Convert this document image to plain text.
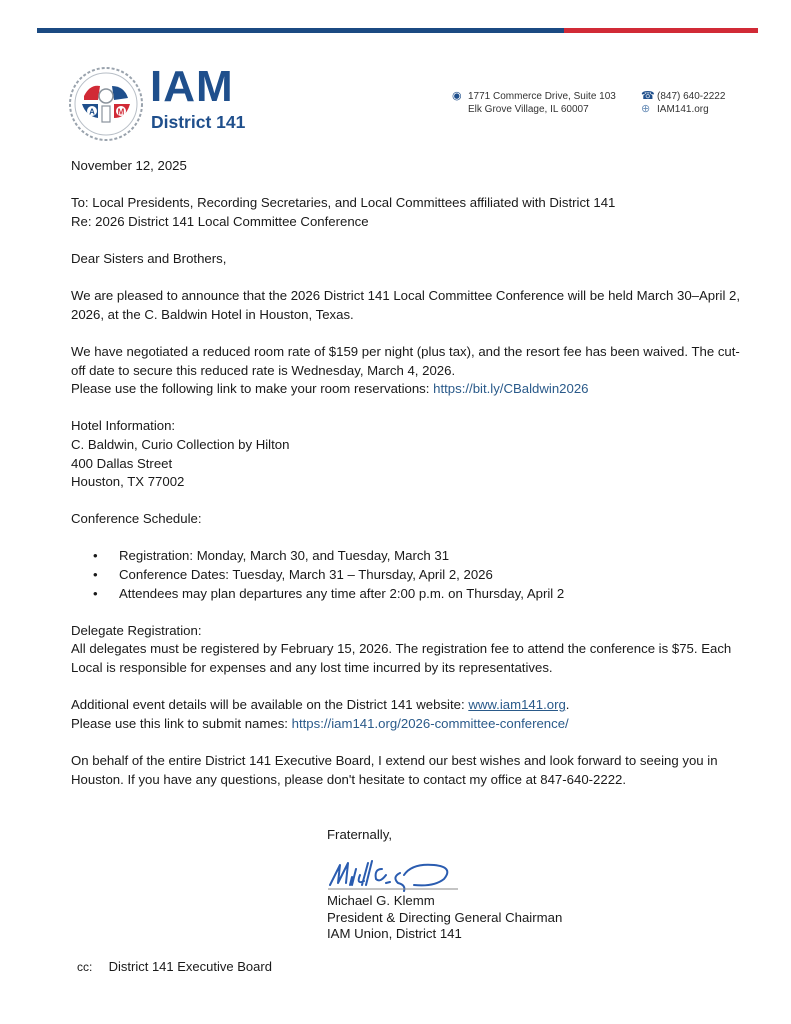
A	M
IAM
District 141
◉ 1771 Commerce Drive, Suite 103
Elk Grove Village, IL 60007
☎ (847) 640-2222
⊕ IAM141.org

November 12, 2025

To: Local Presidents, Recording Secretaries, and Local Committees affiliated with District 141

Re: 2026 District 141 Local Committee Conference

Dear Sisters and Brothers,

We are pleased to announce that the 2026 District 141 Local Committee Conference will be held March 30–April 2, 2026, at the C. Baldwin Hotel in Houston, Texas.

We have negotiated a reduced room rate of $159 per night (plus tax), and the resort fee has been waived. The cut-off date to secure this reduced rate is Wednesday, March 4, 2026.

Please use the following link to make your room reservations: https://bit.ly/CBaldwin2026

Hotel Information:

C. Baldwin, Curio Collection by Hilton

400 Dallas Street

Houston, TX 77002

Conference Schedule:

• Registration: Monday, March 30, and Tuesday, March 31
• Conference Dates: Tuesday, March 31 – Thursday, April 2, 2026
• Attendees may plan departures any time after 2:00 p.m. on Thursday, April 2

Delegate Registration:

All delegates must be registered by February 15, 2026. The registration fee to attend the conference is $75. Each Local is responsible for expenses and any lost time incurred by its representatives.

Additional event details will be available on the District 141 website: www.iam141.org.

Please use this link to submit names: https://iam141.org/2026-committee-conference/

On behalf of the entire District 141 Executive Board, I extend our best wishes and look forward to seeing you in Houston. If you have any questions, please don't hesitate to contact my office at 847-640-2222.

Fraternally,
Michael G. Klemm
President & Directing General Chairman
IAM Union, District 141
cc: District 141 Executive Board
